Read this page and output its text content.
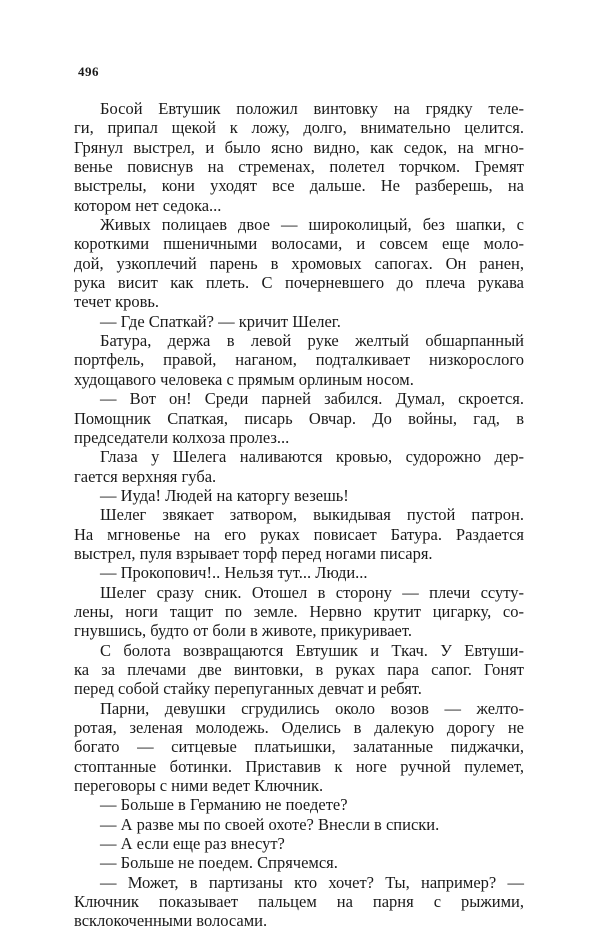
496
Босой Евтушик положил винтовку на грядку теле-
ги, припал щекой к ложу, долго, внимательно целится.
Грянул выстрел, и было ясно видно, как седок, на мгно-
венье повиснув на стременах, полетел торчком. Гремят
выстрелы, кони уходят все дальше. Не разберешь, на
котором нет седока...
Живых полицаев двое — широколицый, без шапки, с
короткими пшеничными волосами, и совсем еще моло-
дой, узкоплечий парень в хромовых сапогах. Он ранен,
рука висит как плеть. С почерневшего до плеча рукава
течет кровь.
— Где Спаткай? — кричит Шелег.
Батура, держа в левой руке желтый обшарпанный
портфель, правой, наганом, подталкивает низкорослого
худощавого человека с прямым орлиным носом.
— Вот он! Среди парней забился. Думал, скроется.
Помощник Спаткая, писарь Овчар. До войны, гад, в
председатели колхоза пролез...
Глаза у Шелега наливаются кровью, судорожно дер-
гается верхняя губа.
— Иуда! Людей на каторгу везешь!
Шелег звякает затвором, выкидывая пустой патрон.
На мгновенье на его руках повисает Батура. Раздается
выстрел, пуля взрывает торф перед ногами писаря.
— Прокопович!.. Нельзя тут... Люди...
Шелег сразу сник. Отошел в сторону — плечи ссуту-
лены, ноги тащит по земле. Нервно крутит цигарку, со-
гнувшись, будто от боли в животе, прикуривает.
С болота возвращаются Евтушик и Ткач. У Евтуши-
ка за плечами две винтовки, в руках пара сапог. Гонят
перед собой стайку перепуганных девчат и ребят.
Парни, девушки сгрудились около возов — желто-
ротая, зеленая молодежь. Оделись в далекую дорогу не
богато — ситцевые платьишки, залатанные пиджачки,
стоптанные ботинки. Приставив к ноге ручной пулемет,
переговоры с ними ведет Ключник.
— Больше в Германию не поедете?
— А разве мы по своей охоте? Внесли в списки.
— А если еще раз внесут?
— Больше не поедем. Спрячемся.
— Может, в партизаны кто хочет? Ты, например? —
Ключник показывает пальцем на парня с рыжими,
всклокоченными волосами.
